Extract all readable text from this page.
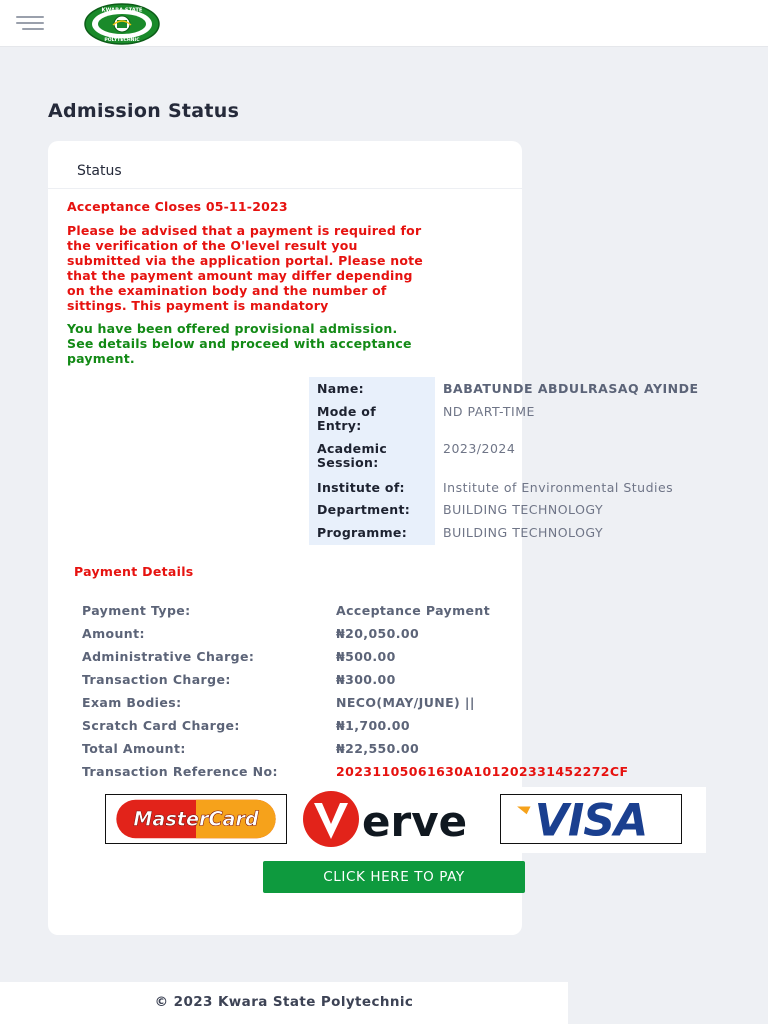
KWARA STATE
POLYTECHNIC
Admission Status
Status
Acceptance Closes 05-11-2023
Please be advised that a payment is required for
the verification of the O'level result you
submitted via the application portal. Please note
that the payment amount may differ depending
on the examination body and the number of
sittings. This payment is mandatory
You have been offered provisional admission.
See details below and proceed with acceptance
payment.
Name:	BABATUNDE ABDULRASAQ AYINDE
Mode of
Entry:
ND PART-TIME
Academic
Session:
2023/2024
Institute of:	Institute of Environmental Studies
Department:	BUILDING TECHNOLOGY
Programme:	BUILDING TECHNOLOGY
Payment Details
Payment Type:	Acceptance Payment
Amount:	₦20,050.00
Administrative Charge:	₦500.00
Transaction Charge:	₦300.00
Exam Bodies:	NECO(MAY/JUNE) ||
Scratch Card Charge:	₦1,700.00
Total Amount:	₦22,550.00
Transaction Reference No:	20231105061630A101202331452272CF
MasterCard erve VISA
CLICK HERE TO PAY
© 2023 Kwara State Polytechnic
